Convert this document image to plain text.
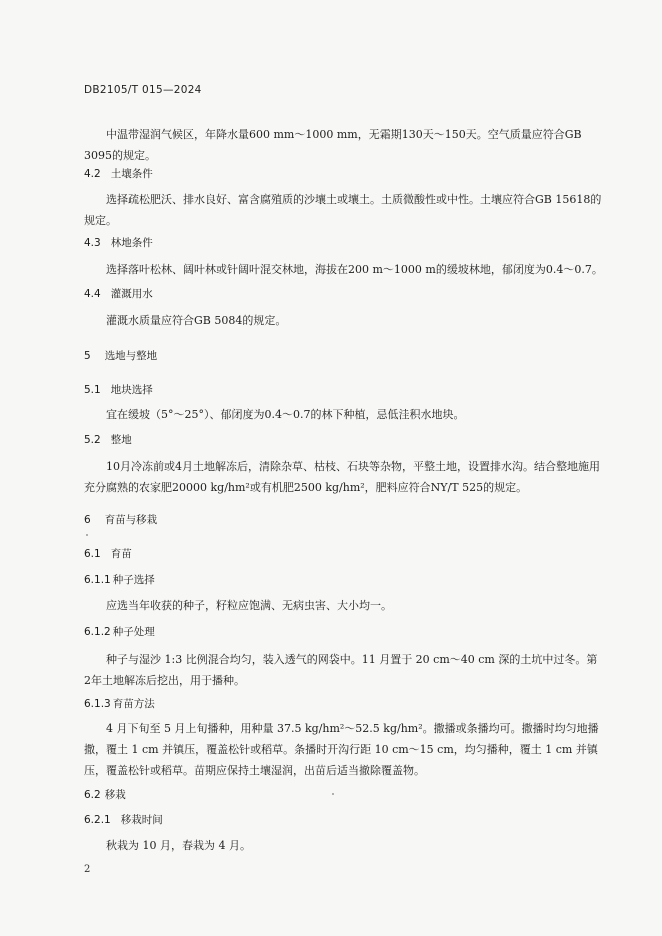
DB2105/T 015—2024

中温带湿润气候区，年降水量600 mm～1000 mm，无霜期130天～150天。空气质量应符合GB 3095的规定。

4.2 土壤条件

选择疏松肥沃、排水良好、富含腐殖质的沙壤土或壤土。土质微酸性或中性。土壤应符合GB 15618的规定。

4.3 林地条件

选择落叶松林、阔叶林或针阔叶混交林地，海拔在200 m～1000 m的缓坡林地，郁闭度为0.4～0.7。

4.4 灌溉用水

灌溉水质量应符合GB 5084的规定。

5 选地与整地
5.1 地块选择

宜在缓坡（5°～25°）、郁闭度为0.4～0.7的林下种植，忌低洼积水地块。

5.2 整地

10月冷冻前或4月土地解冻后，清除杂草、枯枝、石块等杂物，平整土地，设置排水沟。结合整地施用充分腐熟的农家肥20000 kg/hm²或有机肥2500 kg/hm²，肥料应符合NY/T 525的规定。

6 育苗与移栽
6.1 育苗
6.1.1 种子选择

应选当年收获的种子，籽粒应饱满、无病虫害、大小均一。

6.1.2 种子处理

种子与湿沙 1:3 比例混合均匀，装入透气的网袋中。11 月置于 20 cm～40 cm 深的土坑中过冬。第2年土地解冻后挖出，用于播种。

6.1.3 育苗方法

4 月下旬至 5 月上旬播种，用种量 37.5 kg/hm²～52.5 kg/hm²。撒播或条播均可。撒播时均匀地播撒，覆土 1 cm 并镇压，覆盖松针或稻草。条播时开沟行距 10 cm～15 cm，均匀播种，覆土 1 cm 并镇压，覆盖松针或稻草。苗期应保持土壤湿润，出苗后适当撤除覆盖物。

6.2 移栽
6.2.1 移栽时间

秋栽为 10 月，春栽为 4 月。

2
